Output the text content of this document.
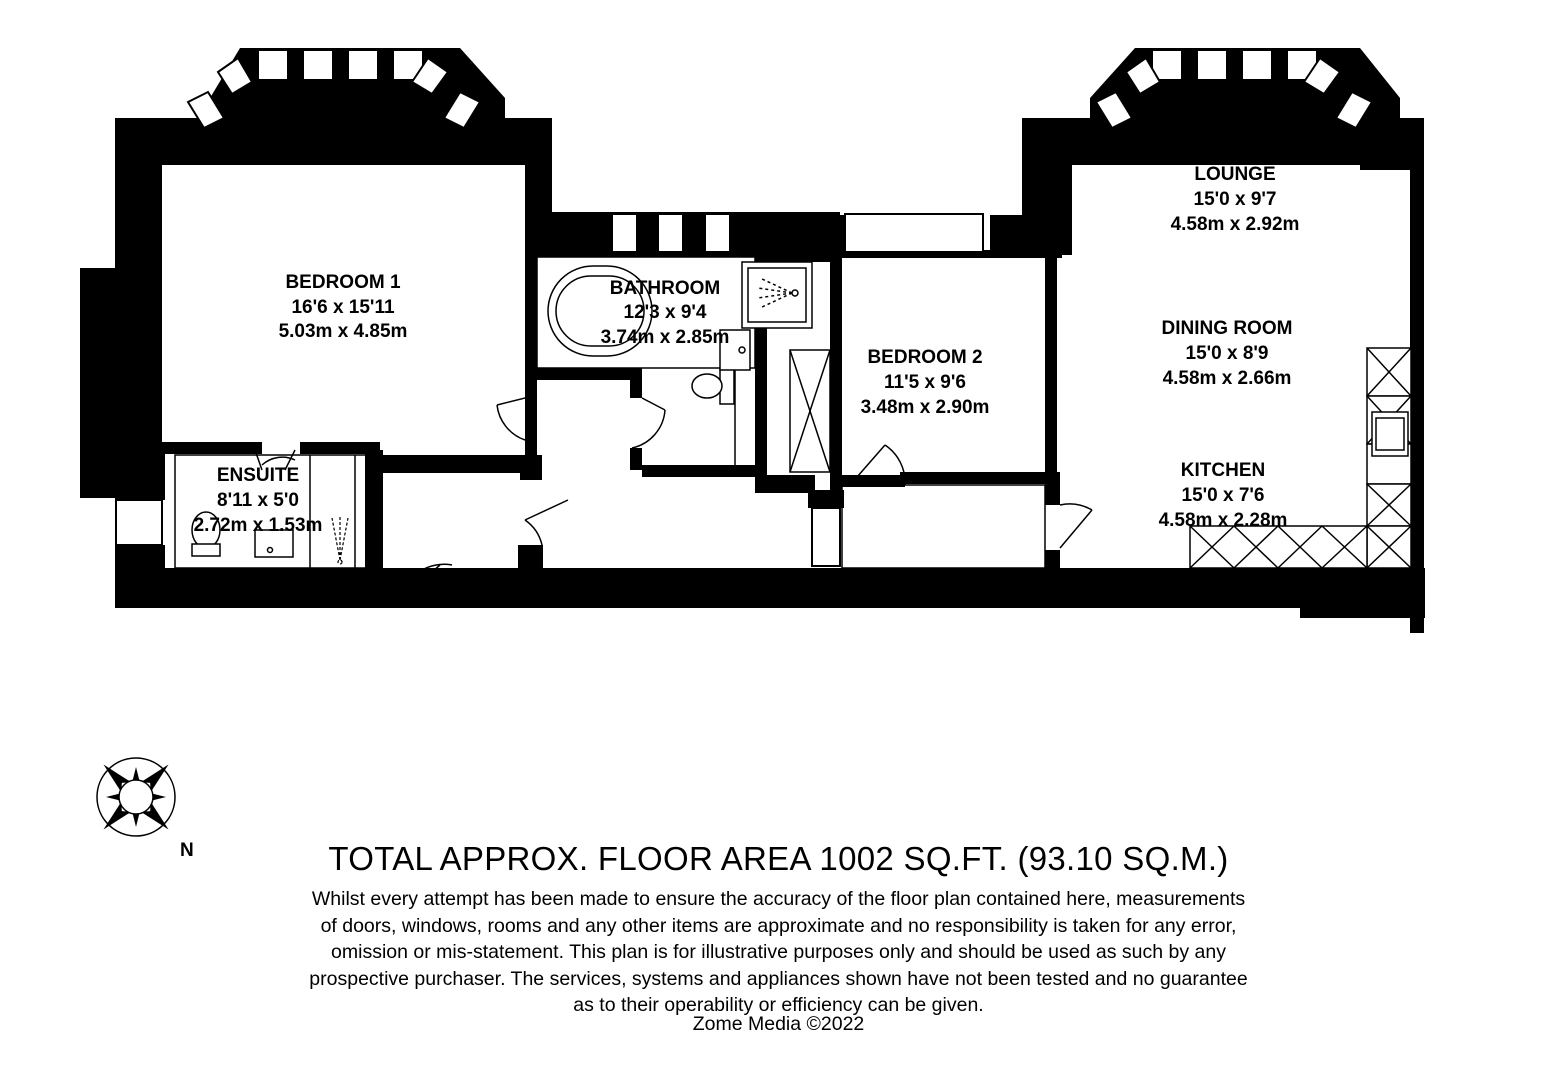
BEDROOM 1
16'6 x 15'11
5.03m x 4.85m
BATHROOM
12'3 x 9'4
3.74m x 2.85m
BEDROOM 2
11'5 x 9'6
3.48m x 2.90m
ENSUITE
8'11 x 5'0
2.72m x 1.53m
LOUNGE
15'0 x 9'7
4.58m x 2.92m
DINING ROOM
15'0 x 8'9
4.58m x 2.66m
KITCHEN
15'0 x 7'6
4.58m x 2.28m
N	TOTAL APPROX. FLOOR AREA 1002 SQ.FT. (93.10 SQ.M.)
Whilst every attempt has been made to ensure the accuracy of the floor plan contained here, measurements
of doors, windows, rooms and any other items are approximate and no responsibility is taken for any error,
omission or mis-statement. This plan is for illustrative purposes only and should be used as such by any
prospective purchaser. The services, systems and appliances shown have not been tested and no guarantee
as to their operability or efficiency can be given.
Zome Media ©2022
